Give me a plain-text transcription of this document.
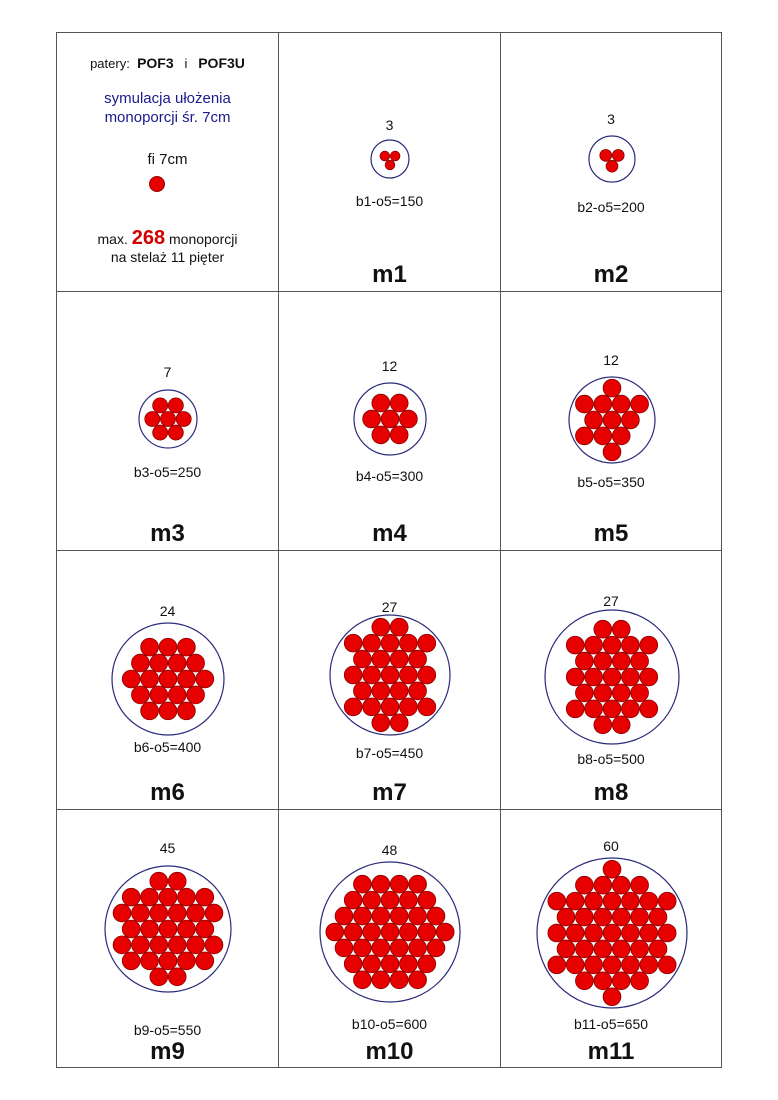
patery: POF3 i POF3U
symulacja ułożenia
monoporcji śr. 7cm
fi 7cm
max. 268 monoporcji
na stelaż 11 pięter
3
b1-o5=150
m1
3
b2-o5=200
m2
7
b3-o5=250
m3
12
b4-o5=300
m4
12
b5-o5=350
m5
24
b6-o5=400
m6
27
b7-o5=450
m7
27
b8-o5=500
m8
45
b9-o5=550
m9
48
b10-o5=600
m10
60
b11-o5=650
m11
